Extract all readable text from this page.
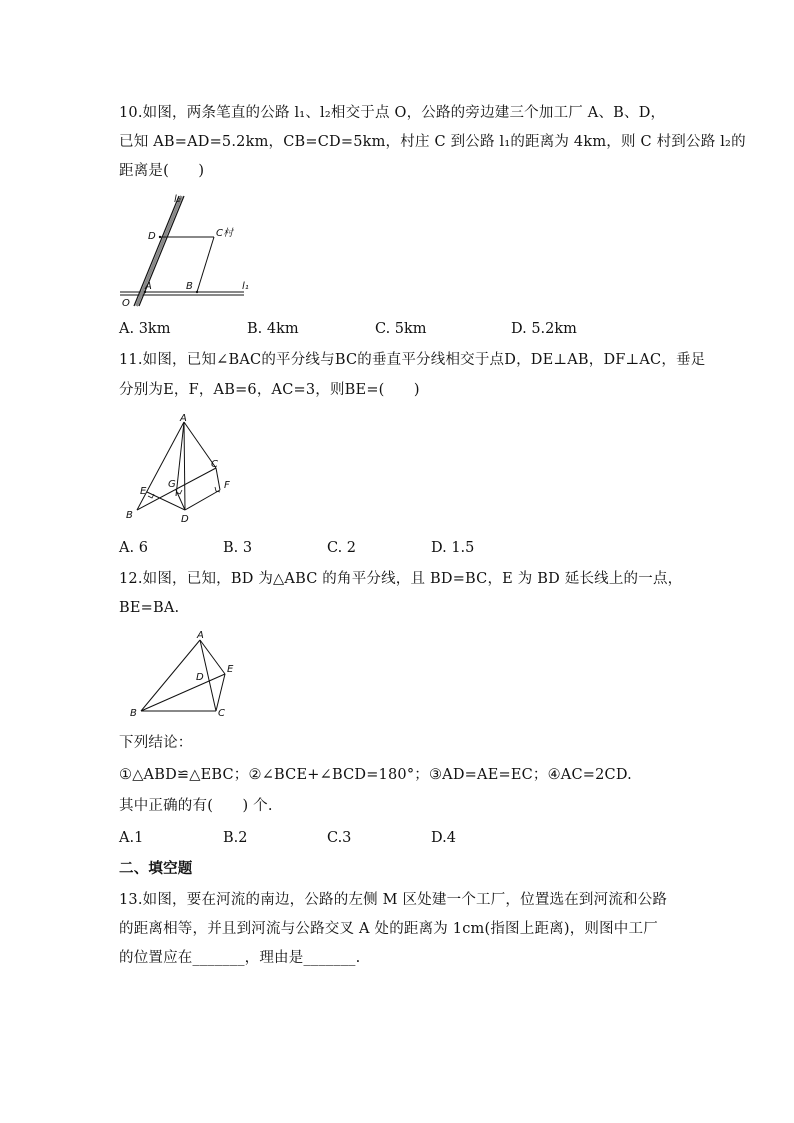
10.如图，两条笔直的公路 l₁、l₂相交于点 O，公路的旁边建三个加工厂 A、B、D，
已知 AB=AD=5.2km，CB=CD=5km，村庄 C 到公路 l₁的距离为 4km，则 C 村到公路 l₂的
距离是(　　)
l₂
l₁
D	C村
A	B
O
A. 3km	B. 4km	C. 5km	D. 5.2km
11.如图，已知∠BAC的平分线与BC的垂直平分线相交于点D，DE⊥AB，DF⊥AC，垂足
分别为E，F，AB=6，AC=3，则BE=(　　)
A
C
E
G	F
B	D
A. 6	B. 3	C. 2	D. 1.5
12.如图，已知，BD 为△ABC 的角平分线，且 BD=BC，E 为 BD 延长线上的一点，
BE=BA.
A
E
D
B	C
下列结论：
①△ABD≌△EBC；②∠BCE+∠BCD=180°；③AD=AE=EC；④AC=2CD.
其中正确的有(　　) 个.
A.1	B.2	C.3	D.4
二、填空题
13.如图，要在河流的南边，公路的左侧 M 区处建一个工厂，位置选在到河流和公路
的距离相等，并且到河流与公路交叉 A 处的距离为 1cm(指图上距离)，则图中工厂
的位置应在_______，理由是_______.
